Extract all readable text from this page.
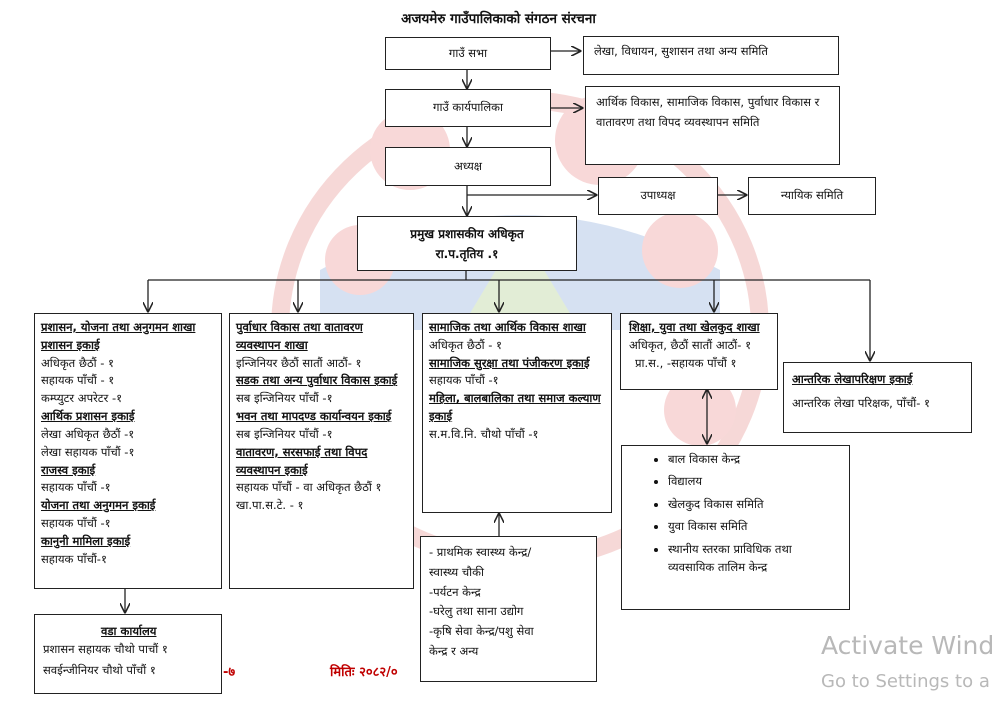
अजयमेरु गाउँपालिकाको संगठन संरचना
गाउँ सभा	लेखा, विधायन, सुशासन तथा अन्य समिति
गाउँ कार्यपालिका	आर्थिक विकास, सामाजिक विकास, पुर्वाधार विकास र वातावरण तथा विपद व्यवस्थापन समिति
अध्यक्ष
उपाध्यक्ष	न्यायिक समिति
प्रमुख प्रशासकीय अधिकृत
रा.प.तृतिय .१
प्रशासन, योजना तथा अनुगमन शाखा
प्रशासन इकाई
अधिकृत छैठौं - १
सहायक पाँचौं - १
कम्प्युटर अपरेटर -१
आर्थिक प्रशासन इकाई
लेखा अधिकृत छैठौं -१
लेखा सहायक पाँचौं -१
राजस्व इकाई
सहायक पाँचौं -१
योजना तथा अनुगमन इकाई
सहायक पाँचौं -१
कानुनी मामिला इकाई
सहायक पाँचौं-१
पुर्वाधार विकास तथा वातावरण व्यवस्थापन शाखा
इन्जिनियर छैठौं सातौं आठौं- १
सडक तथा अन्य पुर्वाधार विकास इकाई
सब इन्जिनियर पाँचौं -१
भवन तथा मापदण्ड कार्यान्वयन इकाई
सब इन्जिनियर पाँचौं -१
वातावरण, सरसफाई तथा विपद व्यवस्थापन इकाई
सहायक पाँचौं - वा अधिकृत छैठौं १
खा.पा.स.टे. - १
सामाजिक तथा आर्थिक विकास शाखा
अधिकृत छैठौं - १
सामाजिक सुरक्षा तथा पंजीकरण इकाई
सहायक पाँचौं -१
महिला, बालबालिका तथा समाज कल्याण इकाई
स.म.वि.नि. चौथो पाँचौं -१
शिक्षा, युवा तथा खेलकुद शाखा
अधिकृत, छैठौं सातौं आठौं- १
प्रा.स., -सहायक पाँचौं १
आन्तरिक लेखापरिक्षण इकाई
आन्तरिक लेखा परिक्षक, पाँचौं- १
वडा कार्यालय
प्रशासन सहायक चौथो पाचौं १
सवईन्जीनियर चौथो पाँचौं १
- प्राथमिक स्वास्थ्य केन्द्र/
स्वास्थ्य चौकी
-पर्यटन केन्द्र
-घरेलु तथा साना उद्योग
-कृषि सेवा केन्द्र/पशु सेवा
केन्द्र र अन्य
• बाल विकास केन्द्र
• विद्यालय
• खेलकुद विकास समिति
• युवा विकास समिति
• स्थानीय स्तरका प्राविधिक तथा व्यवसायिक तालिम केन्द्र
-७	मितिः २०८२/०
Activate Wind
Go to Settings to a
